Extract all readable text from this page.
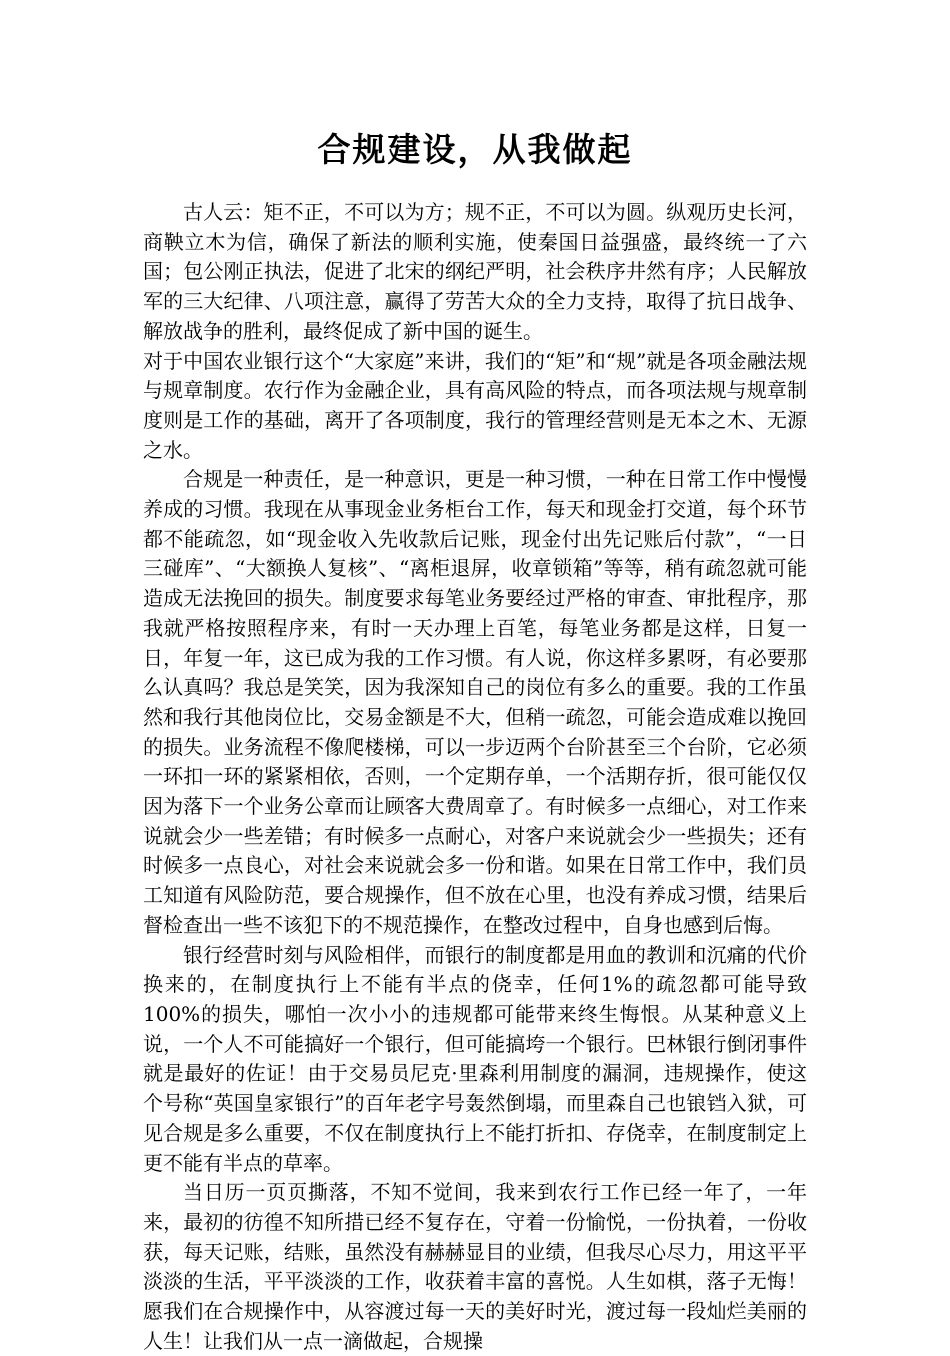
合规建设，从我做起

古人云：矩不正，不可以为方；规不正，不可以为圆。纵观历史长河，商鞅立木为信，确保了新法的顺利实施，使秦国日益强盛，最终统一了六国；包公刚正执法，促进了北宋的纲纪严明，社会秩序井然有序；人民解放军的三大纪律、八项注意，赢得了劳苦大众的全力支持，取得了抗日战争、解放战争的胜利，最终促成了新中国的诞生。

对于中国农业银行这个“大家庭”来讲，我们的“矩”和“规”就是各项金融法规与规章制度。农行作为金融企业，具有高风险的特点，而各项法规与规章制度则是工作的基础，离开了各项制度，我行的管理经营则是无本之木、无源之水。

合规是一种责任，是一种意识，更是一种习惯，一种在日常工作中慢慢养成的习惯。我现在从事现金业务柜台工作，每天和现金打交道，每个环节都不能疏忽，如“现金收入先收款后记账，现金付出先记账后付款”，“一日三碰库”、“大额换人复核”、“离柜退屏，收章锁箱”等等，稍有疏忽就可能造成无法挽回的损失。制度要求每笔业务要经过严格的审查、审批程序，那我就严格按照程序来，有时一天办理上百笔，每笔业务都是这样，日复一日，年复一年，这已成为我的工作习惯。有人说，你这样多累呀，有必要那么认真吗？我总是笑笑，因为我深知自己的岗位有多么的重要。我的工作虽然和我行其他岗位比，交易金额是不大，但稍一疏忽，可能会造成难以挽回的损失。业务流程不像爬楼梯，可以一步迈两个台阶甚至三个台阶，它必须一环扣一环的紧紧相依，否则，一个定期存单，一个活期存折，很可能仅仅因为落下一个业务公章而让顾客大费周章了。有时候多一点细心，对工作来说就会少一些差错；有时候多一点耐心，对客户来说就会少一些损失；还有时候多一点良心，对社会来说就会多一份和谐。如果在日常工作中，我们员工知道有风险防范，要合规操作，但不放在心里，也没有养成习惯，结果后督检查出一些不该犯下的不规范操作，在整改过程中，自身也感到后悔。

银行经营时刻与风险相伴，而银行的制度都是用血的教训和沉痛的代价换来的，在制度执行上不能有半点的侥幸，任何1%的疏忽都可能导致100%的损失，哪怕一次小小的违规都可能带来终生悔恨。从某种意义上说，一个人不可能搞好一个银行，但可能搞垮一个银行。巴林银行倒闭事件就是最好的佐证！由于交易员尼克·里森利用制度的漏洞，违规操作，使这个号称“英国皇家银行”的百年老字号轰然倒塌，而里森自己也锒铛入狱，可见合规是多么重要，不仅在制度执行上不能打折扣、存侥幸，在制度制定上更不能有半点的草率。

当日历一页页撕落，不知不觉间，我来到农行工作已经一年了，一年来，最初的彷徨不知所措已经不复存在，守着一份愉悦，一份执着，一份收获，每天记账，结账，虽然没有赫赫显目的业绩，但我尽心尽力，用这平平淡淡的生活，平平淡淡的工作，收获着丰富的喜悦。人生如棋，落子无悔！愿我们在合规操作中，从容渡过每一天的美好时光，渡过每一段灿烂美丽的人生！让我们从一点一滴做起，合规操
